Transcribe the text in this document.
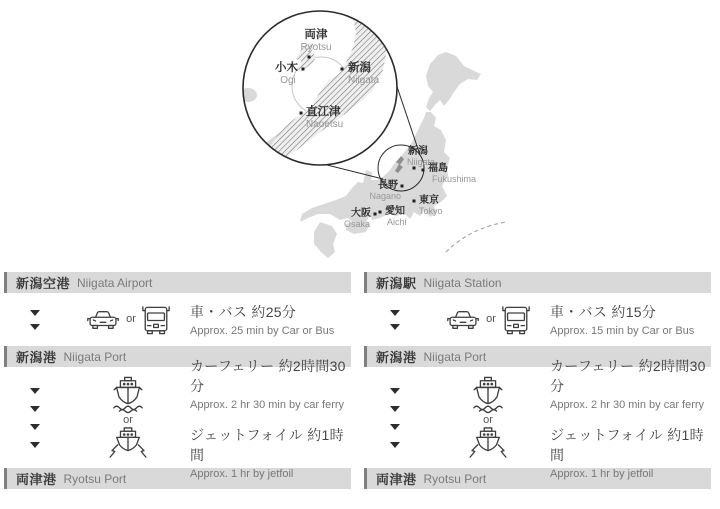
両津
Ryotsu
小木
Ogi
新潟
Niigata
直江津
Naoetsu
新潟
Niigata
福島
Fukushima
長野
Nagano 東京
Tokyo
愛知
Aichi
大阪
Osaka
新潟空港 Niigata Airport
or	車・バス 約25分
Approx. 25 min by Car or Bus
新潟港 Niigata Port
or
カーフェリー 約2時間30分
Approx. 2 hr 30 min by car ferry
ジェットフォイル 約1時間
Approx. 1 hr by jetfoil
両津港 Ryotsu Port
新潟駅 Niigata Station
or	車・バス 約15分
Approx. 15 min by Car or Bus
新潟港 Niigata Port
or
カーフェリー 約2時間30分
Approx. 2 hr 30 min by car ferry
ジェットフォイル 約1時間
Approx. 1 hr by jetfoil
両津港 Ryotsu Port
